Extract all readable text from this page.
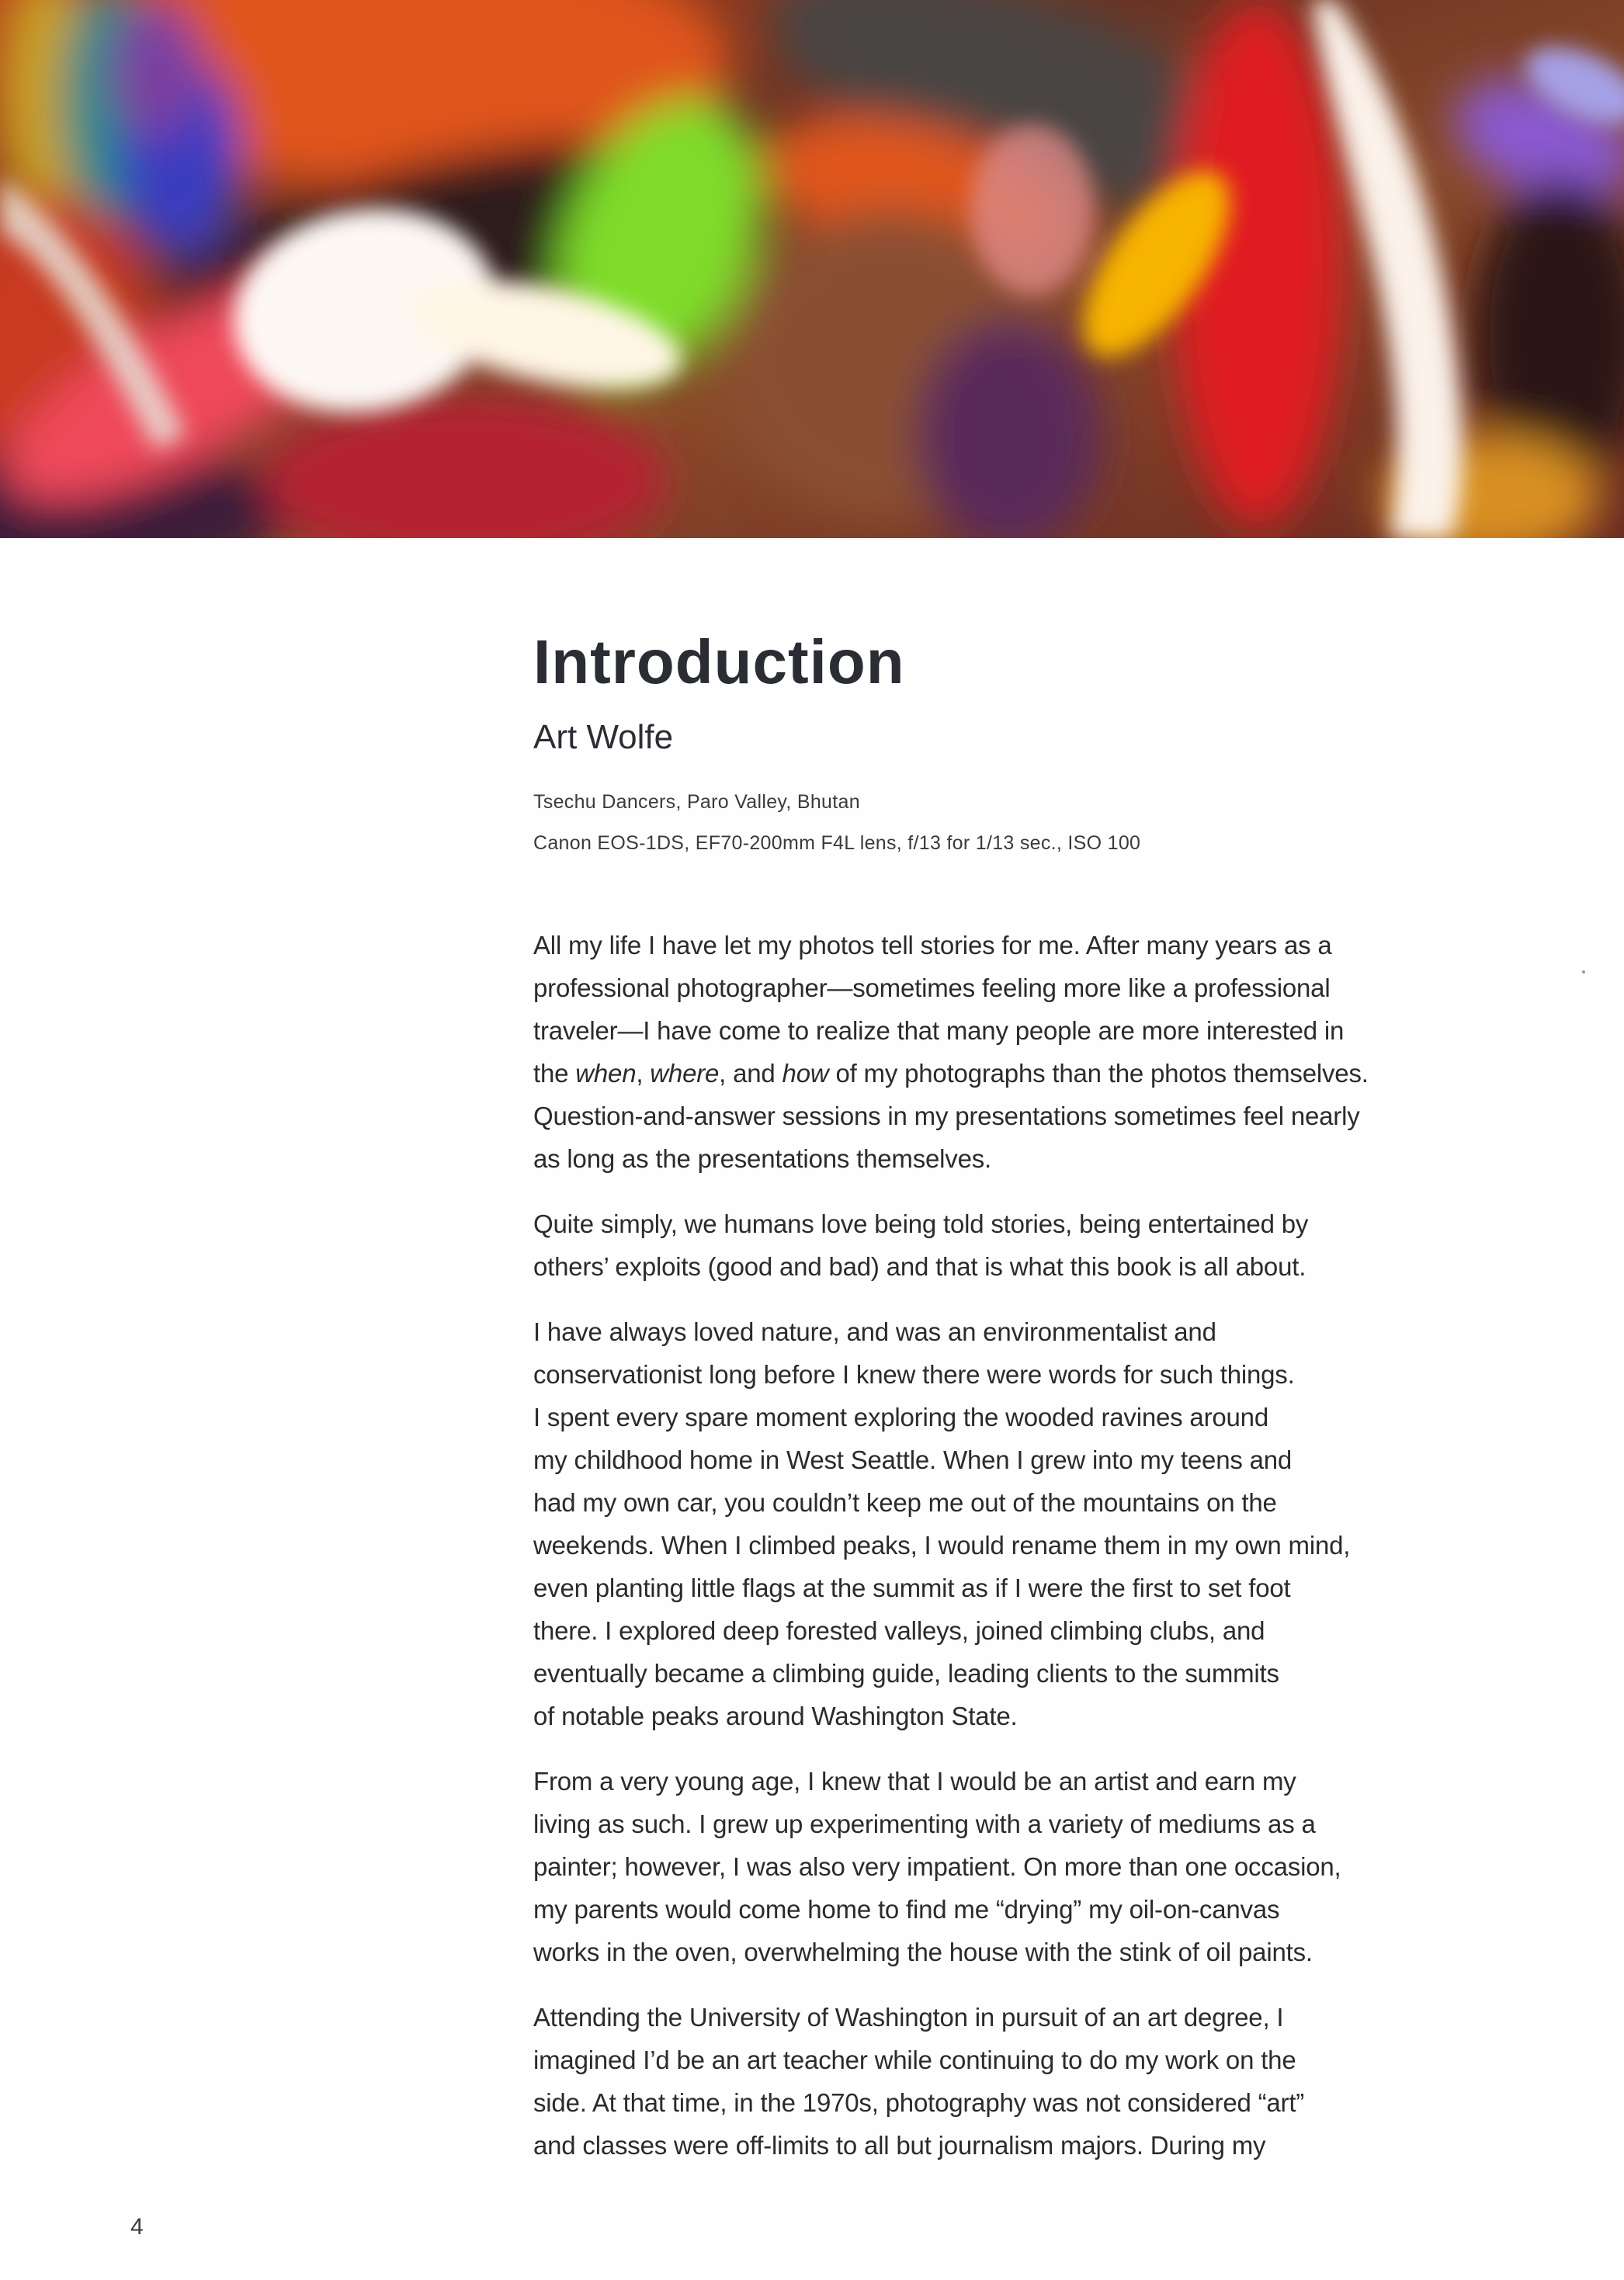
Introduction
Art Wolfe
Tsechu Dancers, Paro Valley, Bhutan
Canon EOS-1DS, EF70-200mm F4L lens, f/13 for 1/13 sec., ISO 100

All my life I have let my photos tell stories for me. After many years as a
professional photographer—sometimes feeling more like a professional
traveler—I have come to realize that many people are more interested in
the when, where, and how of my photographs than the photos themselves.
Question-and-answer sessions in my presentations sometimes feel nearly
as long as the presentations themselves.

Quite simply, we humans love being told stories, being entertained by
others’ exploits (good and bad) and that is what this book is all about.

I have always loved nature, and was an environmentalist and
conservationist long before I knew there were words for such things.
I spent every spare moment exploring the wooded ravines around
my childhood home in West Seattle. When I grew into my teens and
had my own car, you couldn’t keep me out of the mountains on the
weekends. When I climbed peaks, I would rename them in my own mind,
even planting little flags at the summit as if I were the first to set foot
there. I explored deep forested valleys, joined climbing clubs, and
eventually became a climbing guide, leading clients to the summits
of notable peaks around Washington State.

From a very young age, I knew that I would be an artist and earn my
living as such. I grew up experimenting with a variety of mediums as a
painter; however, I was also very impatient. On more than one occasion,
my parents would come home to find me “drying” my oil-on-canvas
works in the oven, overwhelming the house with the stink of oil paints.

Attending the University of Washington in pursuit of an art degree, I
imagined I’d be an art teacher while continuing to do my work on the
side. At that time, in the 1970s, photography was not considered “art”
and classes were off-limits to all but journalism majors. During my

4
